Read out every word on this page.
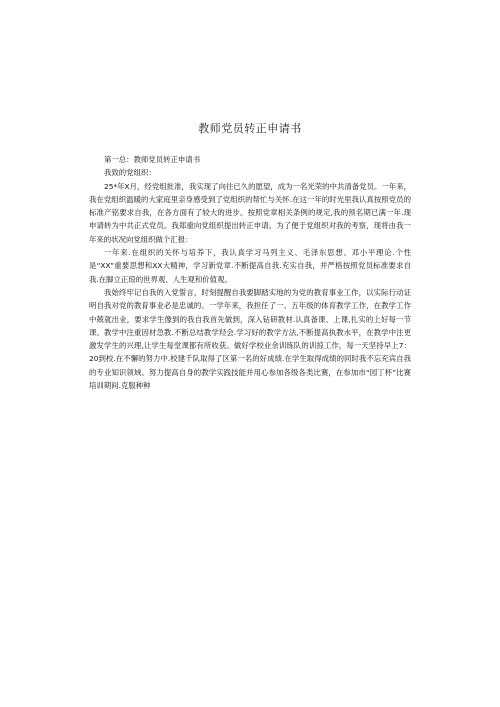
教师党员转正申请书

第一总：教师党员转正申请书

我致的党组织：

25*年X月，经党组批准，我实现了向往已久的愿望，成为一名光荣的中共清备党员。一年来，我在党组织温暖的大家庭里亲身感受到了党组织的帮忙与关怀.在这一年的时光里我认真按照党员的标准产铭要求自我，在各方面有了较大的进步。按照党章相关条例的规定,我的预名期已满一年.现申请转为中共正式党员。我郑重向党组织提出转正申请。为了便于党组织对我的考察，现将由我一年来的状况向党组织做个汇报：

一年来.在组织的关怀与培养下，我认真学习马列主义、毛泽东思想、邓小平理论.个性是“XX”重要思想和XX大精神，学习新党章.不断提高自我.充实自我，并严格按照党员标准要求自我.在脚立正琼的世界观、人生观和价值观。

我始终牢记自我的入党誓言，时刻提醒自我要脚踏实地的为党的教育事业工作，以实际行动证明自我对党的教育事业必是忠诚的。一学年来，我担任了一、五年级的体育教学工作，在教学工作中兢就出业，要求学生像到的我自我首先做到，深入钻研教材.认真备课、上课,扎实的上好每一节课。教学中注重因材急教.不断总结教学羟会.学习好的教学方法,不断提高执教水平，在教学中注更激发学生的兴理,让学生每堂课都有所收获。做好学校业余训练队的训掠工作，每一天坚持早上7：20到校.在不懈的努力中.校建千队取得了区第一名的好成绩.在学生取得成绩的同时我不忘充宾自我的专业知识领域、努力提高自身的教学实践技能并用心参加各级各类比赛，在参加市“园丁杯”比赛培训期间.克服种种
